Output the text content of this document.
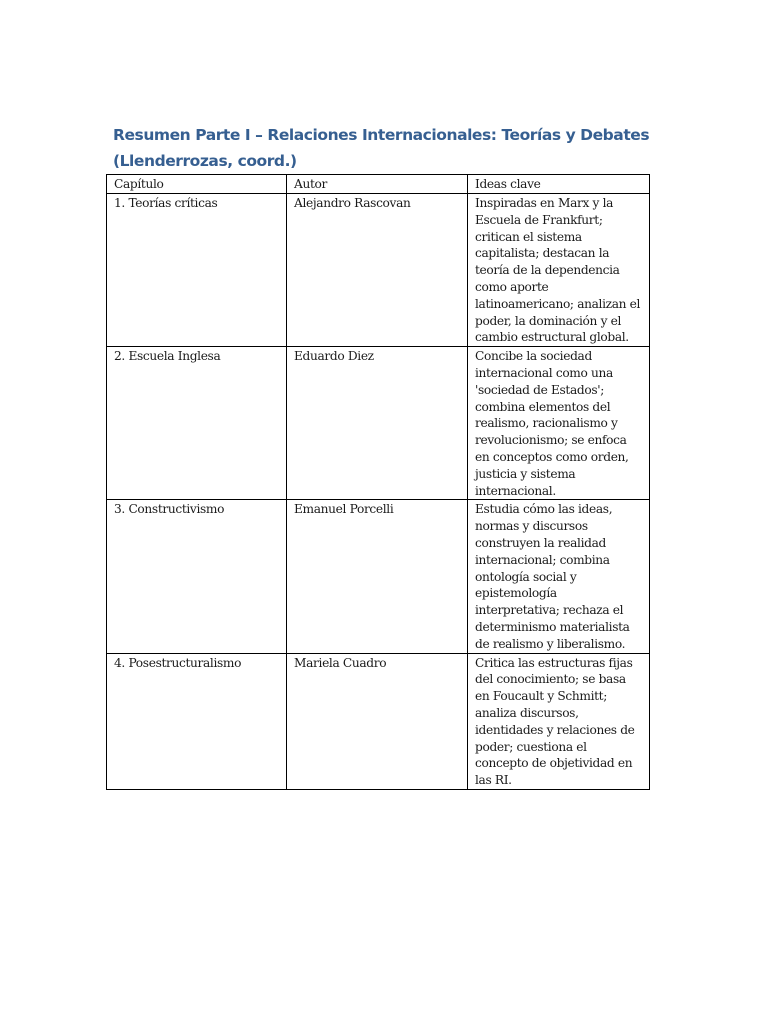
Resumen Parte I – Relaciones Internacionales: Teorías y Debates
(Llenderrozas, coord.)
Capítulo	Autor	Ideas clave
1. Teorías críticas	Alejandro Rascovan	Inspiradas en Marx y la Escuela de Frankfurt; critican el sistema capitalista; destacan la teoría de la dependencia como aporte latinoamericano; analizan el poder, la dominación y el cambio estructural global.
2. Escuela Inglesa	Eduardo Diez	Concibe la sociedad internacional como una 'sociedad de Estados'; combina elementos del realismo, racionalismo y revolucionismo; se enfoca en conceptos como orden, justicia y sistema internacional.
3. Constructivismo	Emanuel Porcelli	Estudia cómo las ideas, normas y discursos construyen la realidad internacional; combina ontología social y epistemología interpretativa; rechaza el determinismo materialista de realismo y liberalismo.
4. Posestructuralismo	Mariela Cuadro	Critica las estructuras fijas del conocimiento; se basa en Foucault y Schmitt; analiza discursos, identidades y relaciones de poder; cuestiona el concepto de objetividad en las RI.
